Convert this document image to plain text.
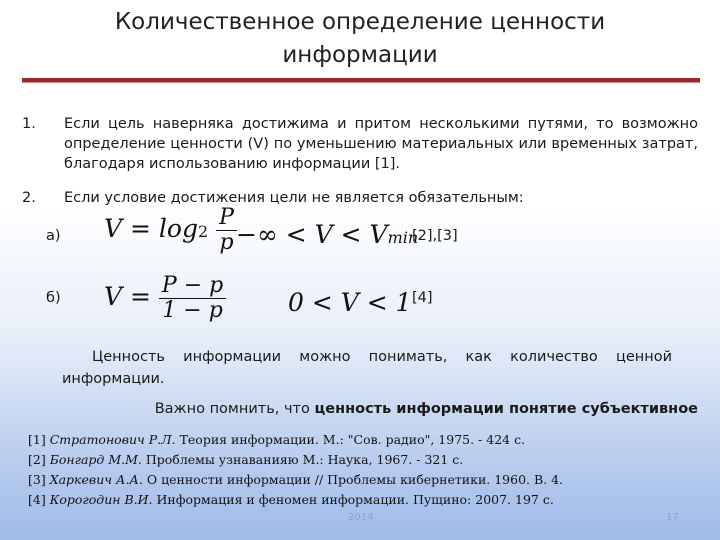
Количественное определение ценности
информации
1. Если цель наверняка достижима и притом несколькими путями, то возможно определение ценности (V) по уменьшению материальных или временных затрат, благодаря использованию информации [1].
2. Если условие достижения цели не является обязательным:
а) $V = \log 2 \frac{P}{p}$ −∞ < V < Vmin
[2],[3]
б) $V = \frac{P - p}{1 - p} 0 < V < 1$ [4]
Ценность информации можно понимать, как количество ценной информации.
Важно помнить, что ценность информации понятие субъективное
[1] Стратонович Р.Л. Теория информации. М.: "Сов. радио", 1975. - 424 с.
[2] Бонгард М.М. Проблемы узнаванияю М.: Наука, 1967. - 321 с.
[3] Харкевич А.А. О ценности информации // Проблемы кибернетики. 1960. В. 4.
[4] Корогодин В.И. Информация и феномен информации. Пущино: 2007. 197 с.
2014	17
